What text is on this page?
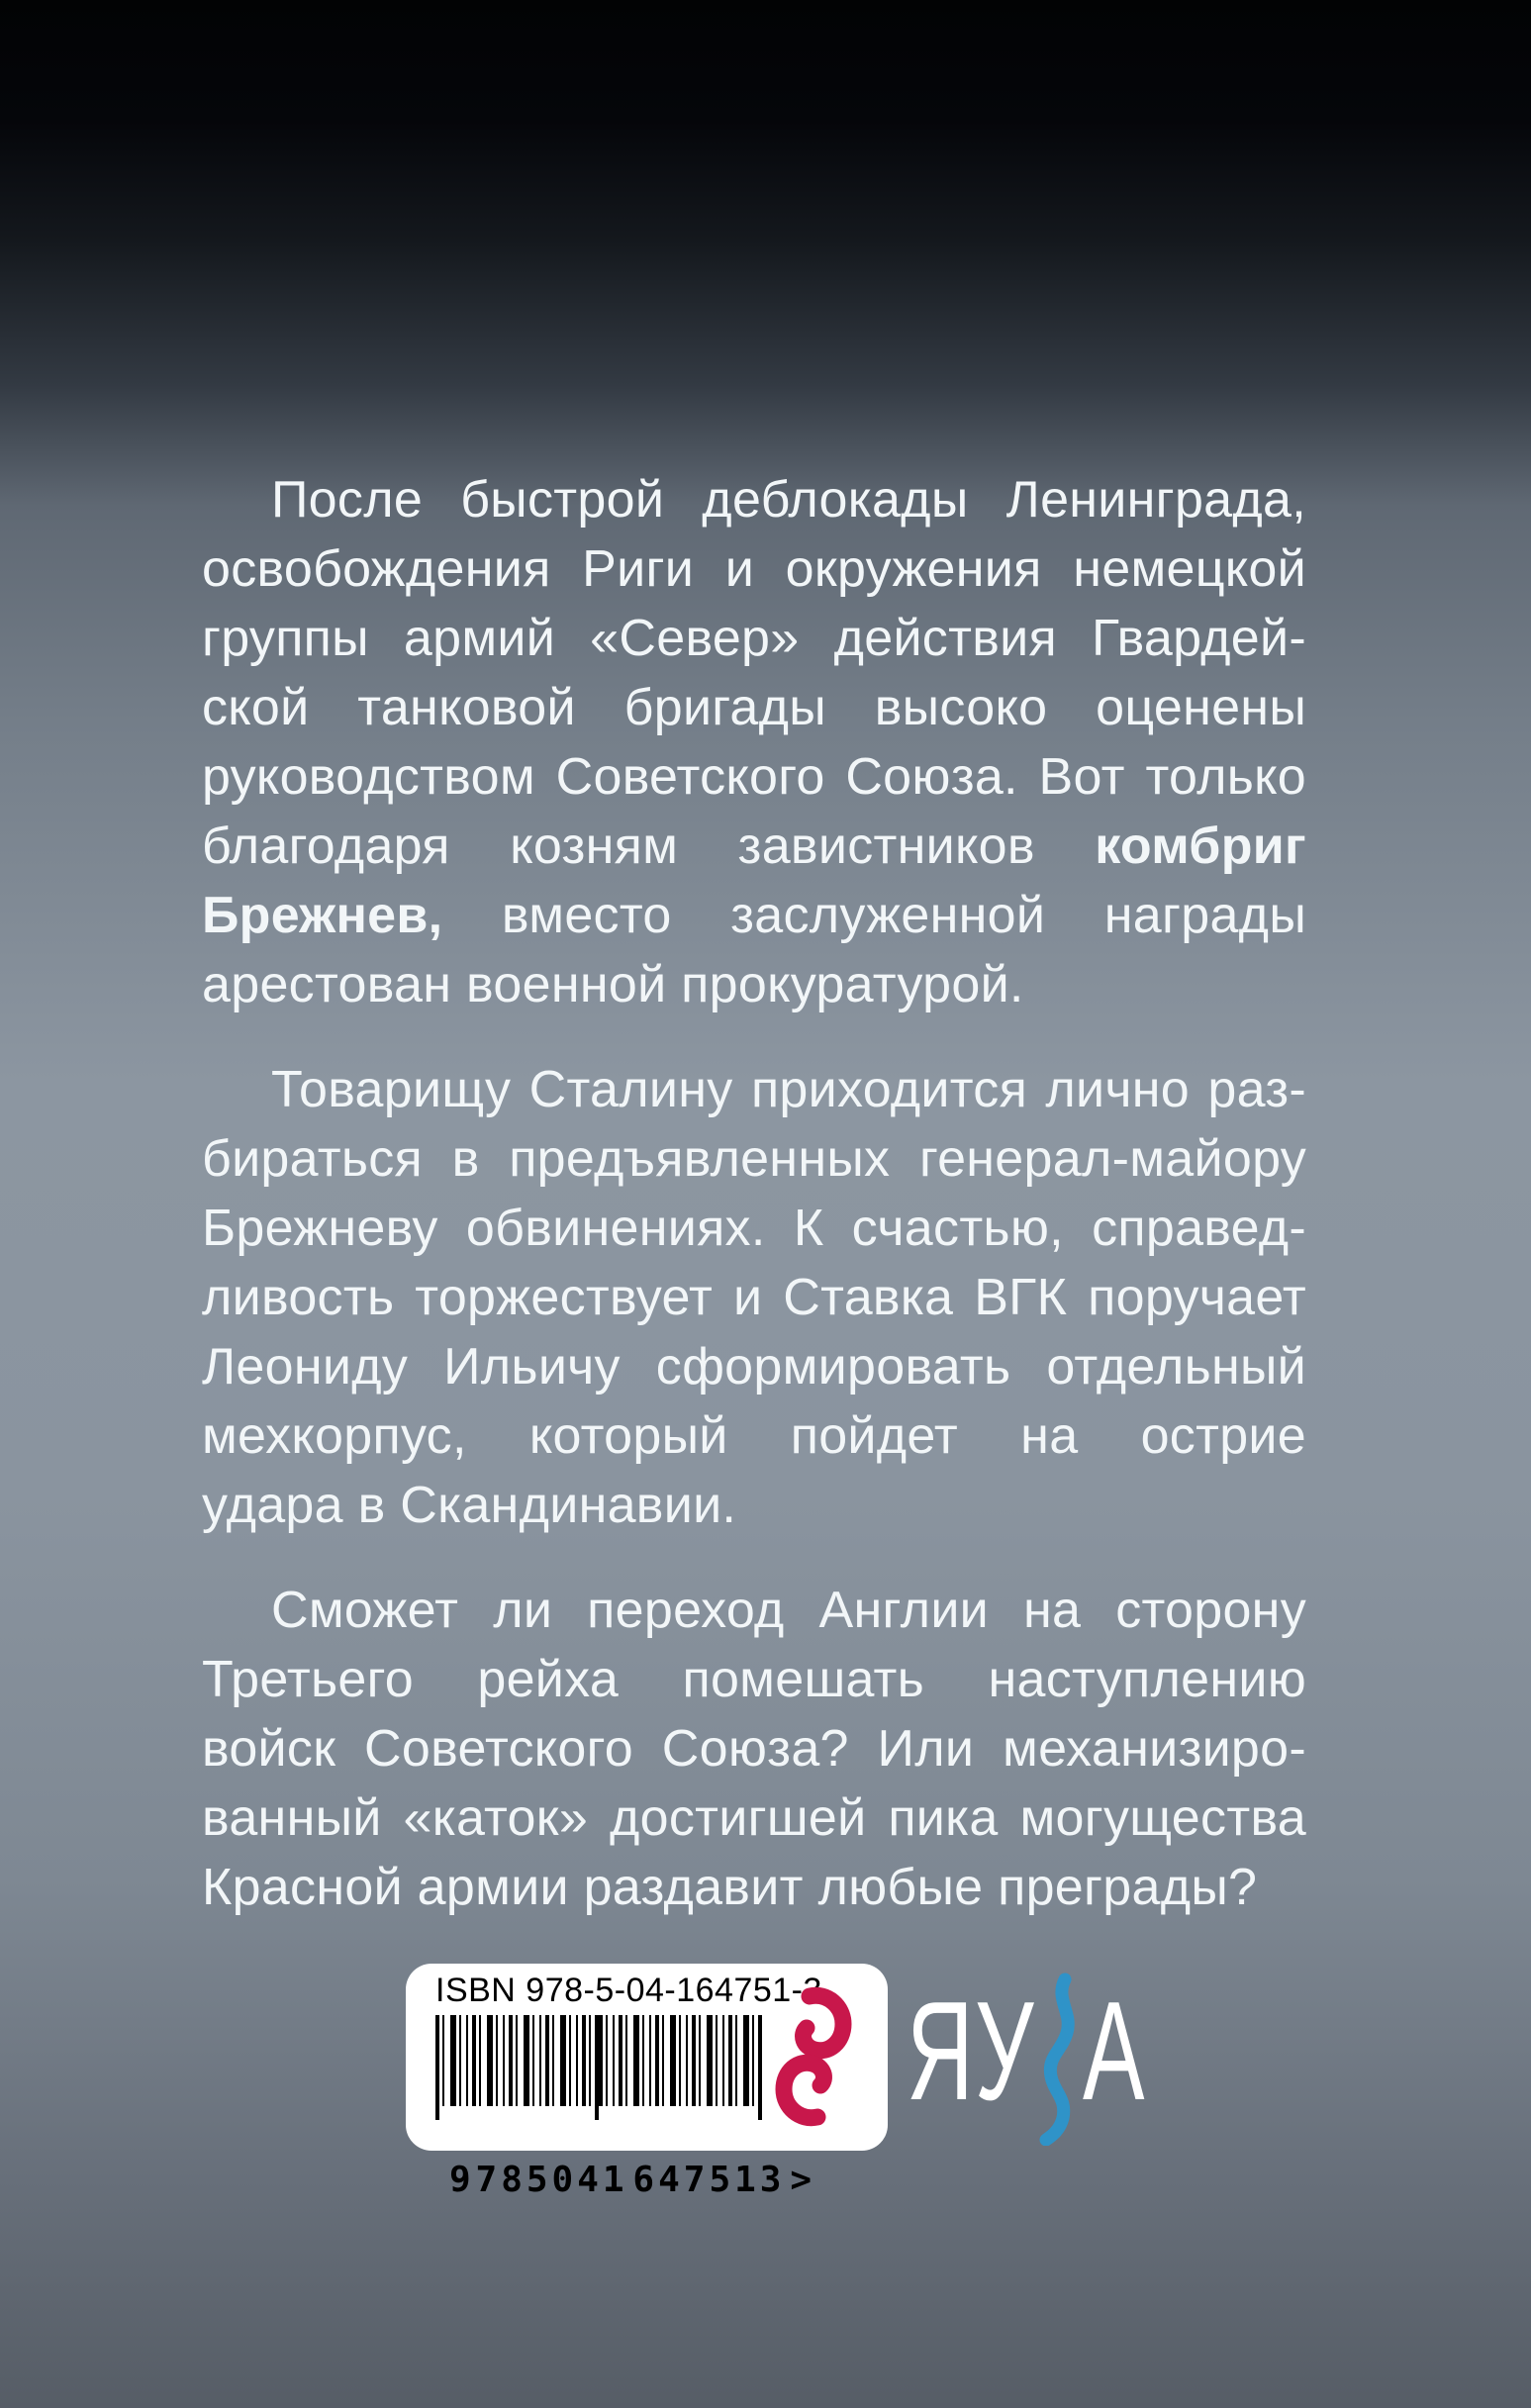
После быстрой деблокады Ленинграда,
освобождения Риги и окружения немецкой
группы армий «Север» действия Гвардей-
ской танковой бригады высоко оценены
руководством Советского Союза. Вот только
благодаря козням завистников комбриг
Брежнев, вместо заслуженной награды
арестован военной прокуратурой.
Товарищу Сталину приходится лично раз-
бираться в предъявленных генерал-майору
Брежневу обвинениях. К счастью, справед-
ливость торжествует и Ставка ВГК поручает
Леониду Ильичу сформировать отдельный
мехкорпус, который пойдет на острие
удара в Скандинавии.
Сможет ли переход Англии на сторону
Третьего рейха помешать наступлению
войск Советского Союза? Или механизиро-
ванный «каток» достигшей пика могущества
Красной армии раздавит любые преграды?
ISBN 978-5-04-164751-3
9 785041 647513 >
ЯУ А
